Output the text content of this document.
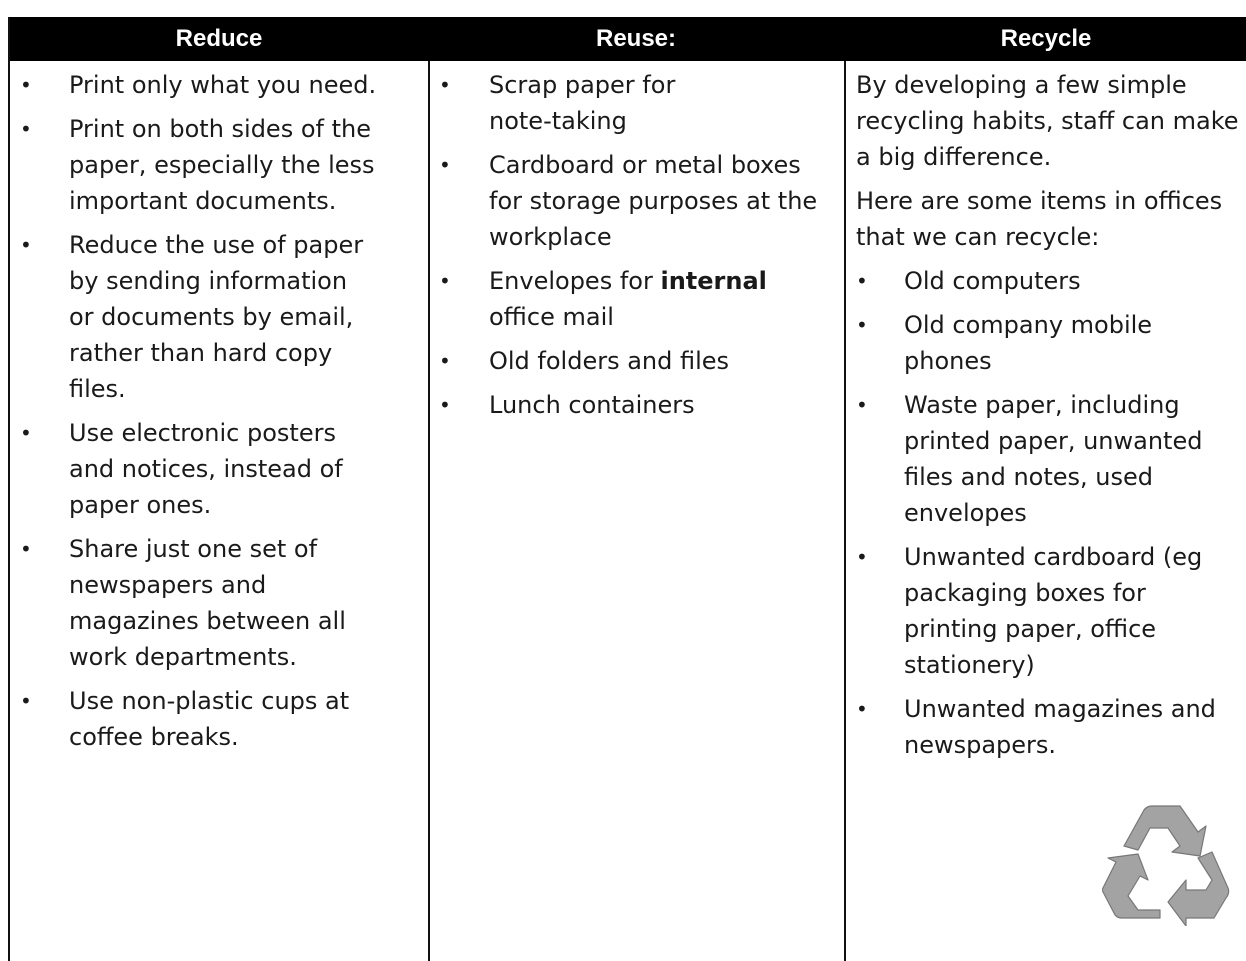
Reduce	Reuse:	Recycle
• Print only what you need.
• Print on both sides of the paper, especially the less important documents.
• Reduce the use of paper by sending information or documents by email, rather than hard copy files.
• Use electronic posters and notices, instead of paper ones.
• Share just one set of newspapers and magazines between all work departments.
• Use non-plastic cups at coffee breaks.
• Scrap paper for note-taking
• Cardboard or metal boxes for storage purposes at the workplace
• Envelopes for internal office mail
• Old folders and files
• Lunch containers

By developing a few simple recycling habits, staff can make a big difference.

Here are some items in offices that we can recycle:

• Old computers
• Old company mobile phones
• Waste paper, including printed paper, unwanted files and notes, used envelopes
• Unwanted cardboard (eg packaging boxes for printing paper, office stationery)
• Unwanted magazines and newspapers.
